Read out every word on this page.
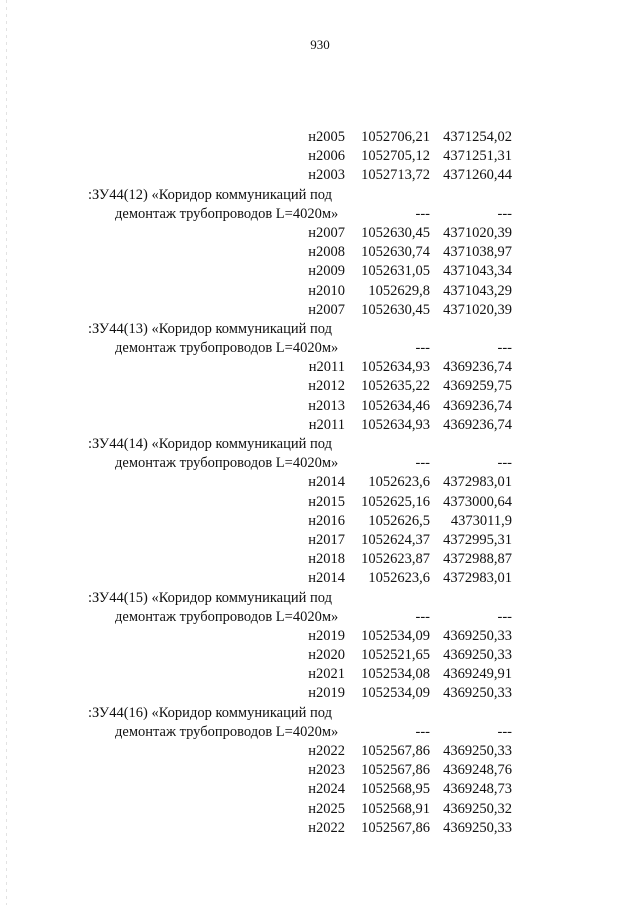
930
н2005 1052706,21 4371254,02
н2006 1052705,12 4371251,31
н2003 1052713,72 4371260,44
:ЗУ44(12) «Коридор коммуникаций под
демонтаж трубопроводов L=4020м»	---	---
н2007 1052630,45 4371020,39
н2008 1052630,74 4371038,97
н2009 1052631,05 4371043,34
н2010 1052629,8 4371043,29
н2007 1052630,45 4371020,39
:ЗУ44(13) «Коридор коммуникаций под
демонтаж трубопроводов L=4020м»	---	---
н2011 1052634,93 4369236,74
н2012 1052635,22 4369259,75
н2013 1052634,46 4369236,74
н2011 1052634,93 4369236,74
:ЗУ44(14) «Коридор коммуникаций под
демонтаж трубопроводов L=4020м»	---	---
н2014 1052623,6 4372983,01
н2015 1052625,16 4373000,64
н2016 1052626,5 4373011,9
н2017 1052624,37 4372995,31
н2018 1052623,87 4372988,87
н2014 1052623,6 4372983,01
:ЗУ44(15) «Коридор коммуникаций под
демонтаж трубопроводов L=4020м»	---	---
н2019 1052534,09 4369250,33
н2020 1052521,65 4369250,33
н2021 1052534,08 4369249,91
н2019 1052534,09 4369250,33
:ЗУ44(16) «Коридор коммуникаций под
демонтаж трубопроводов L=4020м»	---	---
н2022 1052567,86 4369250,33
н2023 1052567,86 4369248,76
н2024 1052568,95 4369248,73
н2025 1052568,91 4369250,32
н2022 1052567,86 4369250,33
